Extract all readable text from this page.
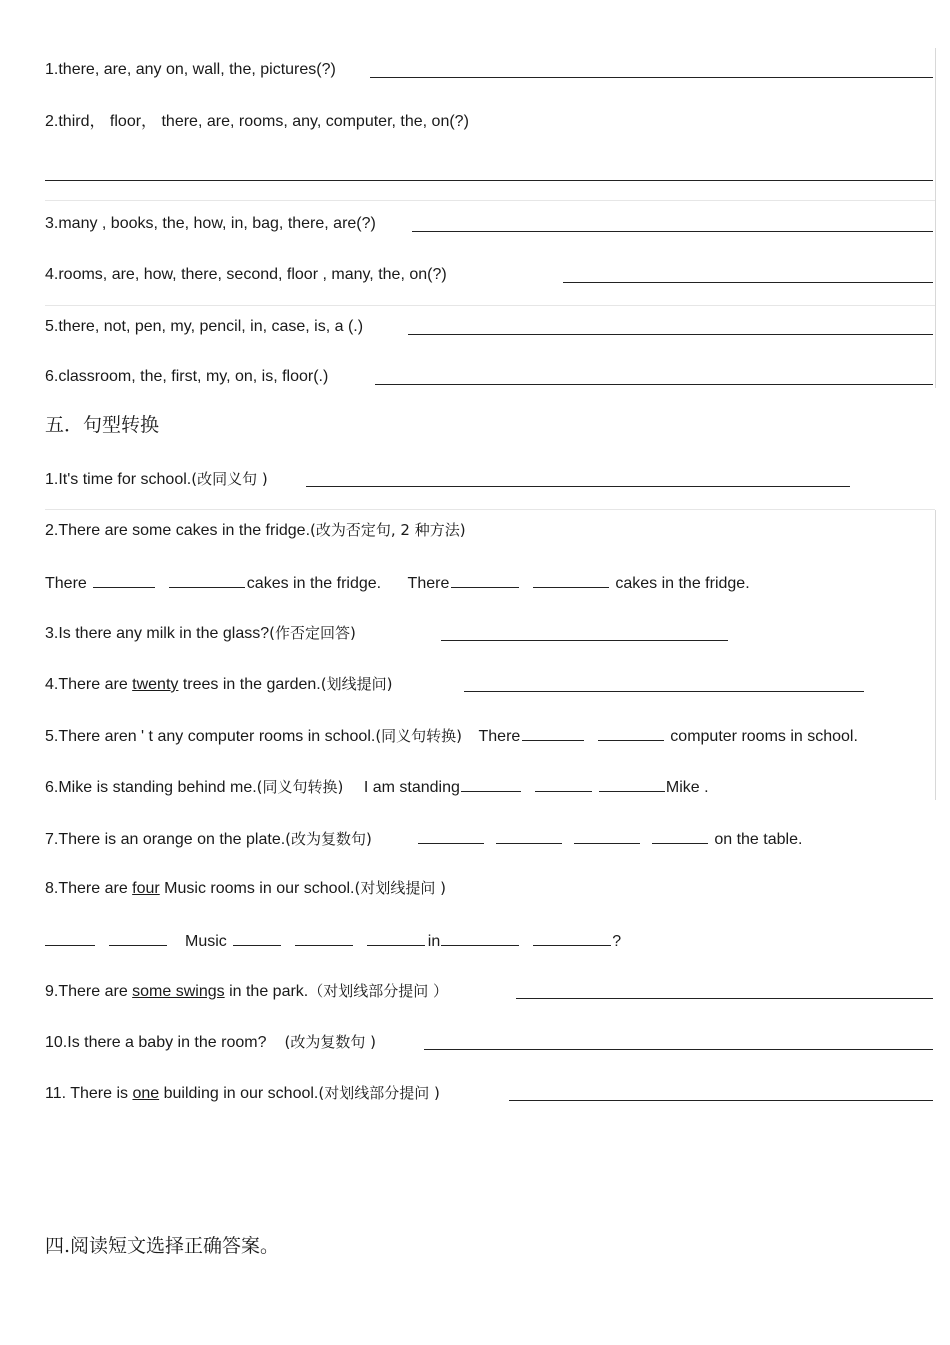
1.there, are, any on, wall, the, pictures(?)
2.third， floor， there, are, rooms, any, computer, the, on(?)
3.many , books, the, how, in, bag, there, are(?)
4.rooms, are, how, there, second, floor , many, the, on(?)
5.there, not, pen, my, pencil, in, case, is, a (.)
6.classroom, the, first, my, on, is, floor(.)
五．句型转换
1.It's time for school.(改同义句 )
2.There are some cakes in the fridge.(改为否定句, 2 种方法)
There	cakes in the fridge. There	cakes in the fridge.
3.Is there any milk in the glass?(作否定回答)
4.There are twenty trees in the garden.(划线提问)
5.There aren ' t any computer rooms in school.(同义句转换) There	computer rooms in school.
6.Mike is standing behind me.(同义句转换) I am standing	Mike .
7.There is an orange on the plate.(改为复数句)	on the table.
8.There are four Music rooms in our school.(对划线提问 )
Music	in	?
9.There are some swings in the park.（对划线部分提问 ）
10.Is there a baby in the room? (改为复数句 )
11. There is one building in our school.(对划线部分提问 )
四.阅读短文选择正确答案。
